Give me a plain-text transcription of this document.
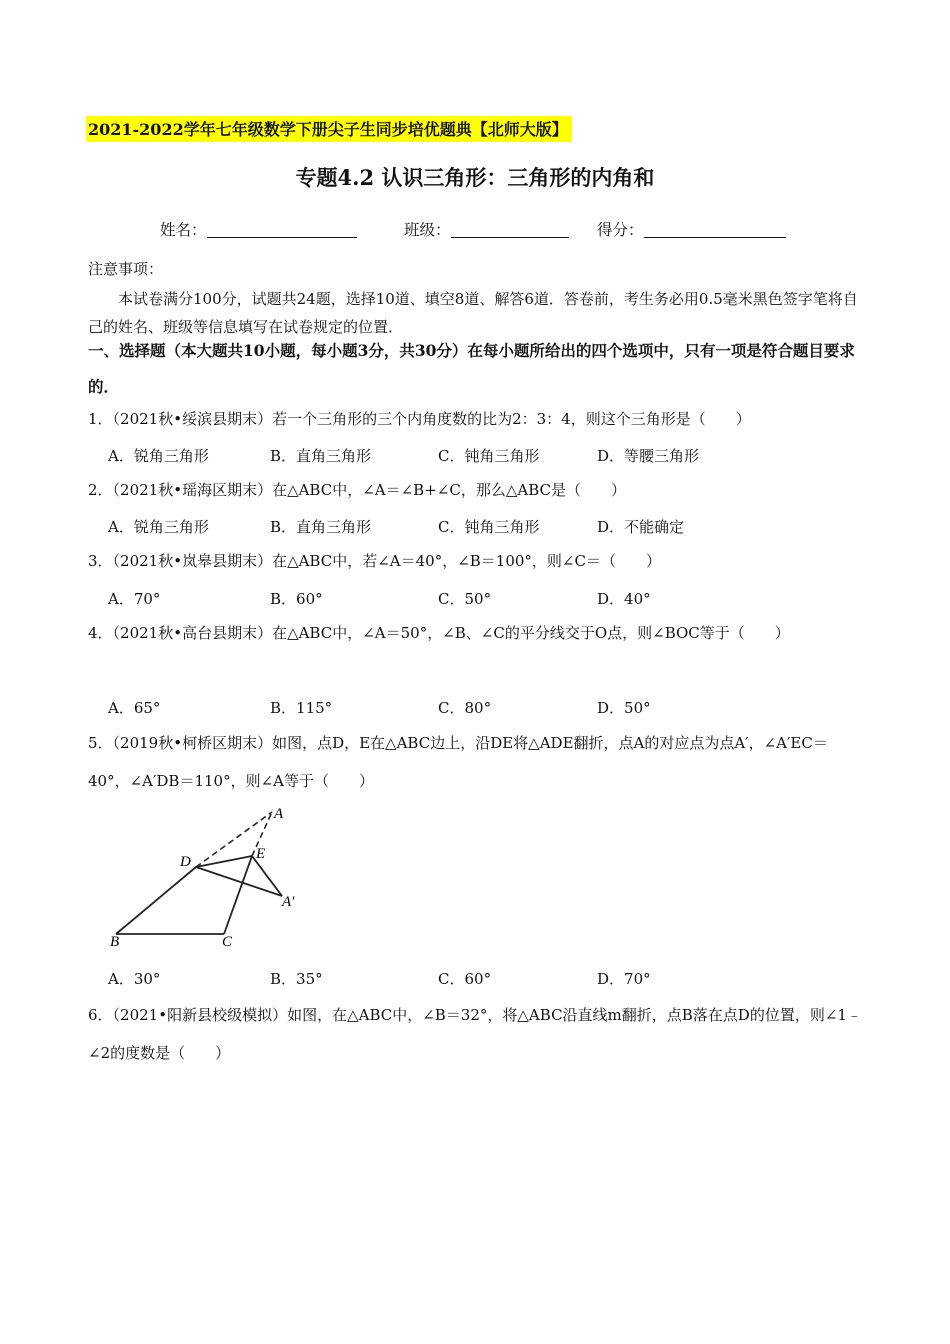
2021-2022学年七年级数学下册尖子生同步培优题典【北师大版】
专题4.2 认识三角形：三角形的内角和
姓名：	班级：	得分：
注意事项：
本试卷满分100分，试题共24题，选择10道、填空8道、解答6道．答卷前，考生务必用0.5毫米黑色签字笔将自己的姓名、班级等信息填写在试卷规定的位置．
一、选择题（本大题共10小题，每小题3分，共30分）在每小题所给出的四个选项中，只有一项是符合题目要求的．
1．（2021秋•绥滨县期末）若一个三角形的三个内角度数的比为2：3：4，则这个三角形是（　　）
A．锐角三角形	B．直角三角形	C．钝角三角形	D．等腰三角形
2．（2021秋•瑶海区期末）在△ABC中，∠A＝∠B+∠C，那么△ABC是（　　）
A．锐角三角形	B．直角三角形	C．钝角三角形	D．不能确定
3．（2021秋•岚皋县期末）在△ABC中，若∠A＝40°，∠B＝100°，则∠C＝（　　）
A．70°	B．60°	C．50°	D．40°
4．（2021秋•高台县期末）在△ABC中，∠A＝50°，∠B、∠C的平分线交于O点，则∠BOC等于（　　）
A．65°	B．115°	C．80°	D．50°
5．（2019秋•柯桥区期末）如图，点D，E在△ABC边上，沿DE将△ADE翻折，点A的对应点为点A′，∠A′EC＝40°，∠A′DB＝110°，则∠A等于（　　）
A
E
D
A′
B	C
A．30°	B．35°	C．60°	D．70°
6．（2021•阳新县校级模拟）如图，在△ABC中，∠B＝32°，将△ABC沿直线m翻折，点B落在点D的位置，则∠1﹣∠2的度数是（　　）
